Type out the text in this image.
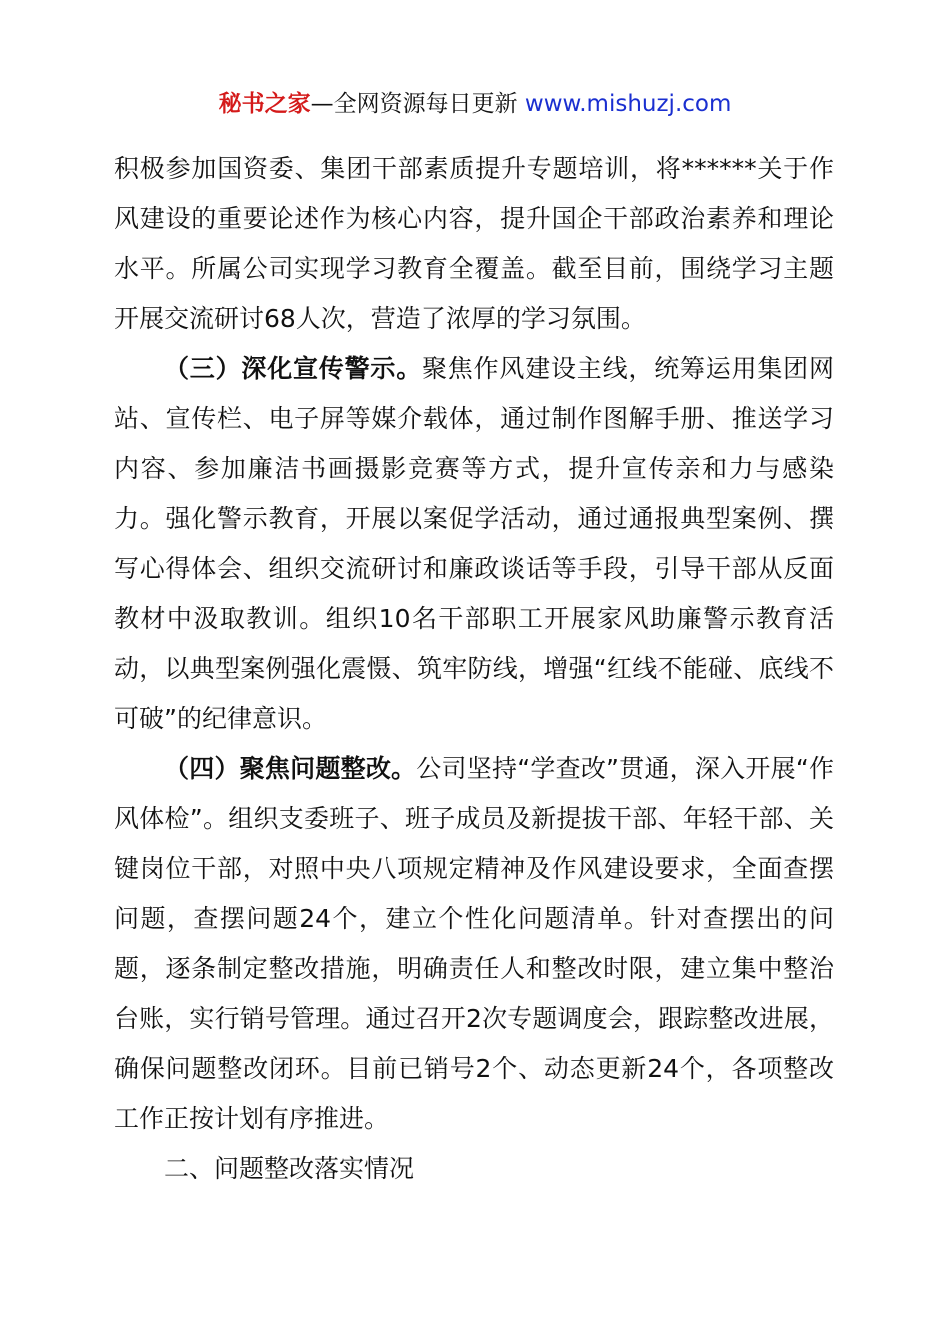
秘书之家—全网资源每日更新 www.mishuzj.com

积极参加国资委、集团干部素质提升专题培训，将******关于作风建设的重要论述作为核心内容，提升国企干部政治素养和理论水平。所属公司实现学习教育全覆盖。截至目前，围绕学习主题开展交流研讨68人次，营造了浓厚的学习氛围。

（三）深化宣传警示。聚焦作风建设主线，统筹运用集团网站、宣传栏、电子屏等媒介载体，通过制作图解手册、推送学习内容、参加廉洁书画摄影竞赛等方式，提升宣传亲和力与感染力。强化警示教育，开展以案促学活动，通过通报典型案例、撰写心得体会、组织交流研讨和廉政谈话等手段，引导干部从反面教材中汲取教训。组织10名干部职工开展家风助廉警示教育活动，以典型案例强化震慑、筑牢防线，增强“红线不能碰、底线不可破”的纪律意识。

（四）聚焦问题整改。公司坚持“学查改”贯通，深入开展“作风体检”。组织支委班子、班子成员及新提拔干部、年轻干部、关键岗位干部，对照中央八项规定精神及作风建设要求，全面查摆问题，查摆问题24个，建立个性化问题清单。针对查摆出的问题，逐条制定整改措施，明确责任人和整改时限，建立集中整治台账，实行销号管理。通过召开2次专题调度会，跟踪整改进展，确保问题整改闭环。目前已销号2个、动态更新24个，各项整改工作正按计划有序推进。

二、问题整改落实情况
